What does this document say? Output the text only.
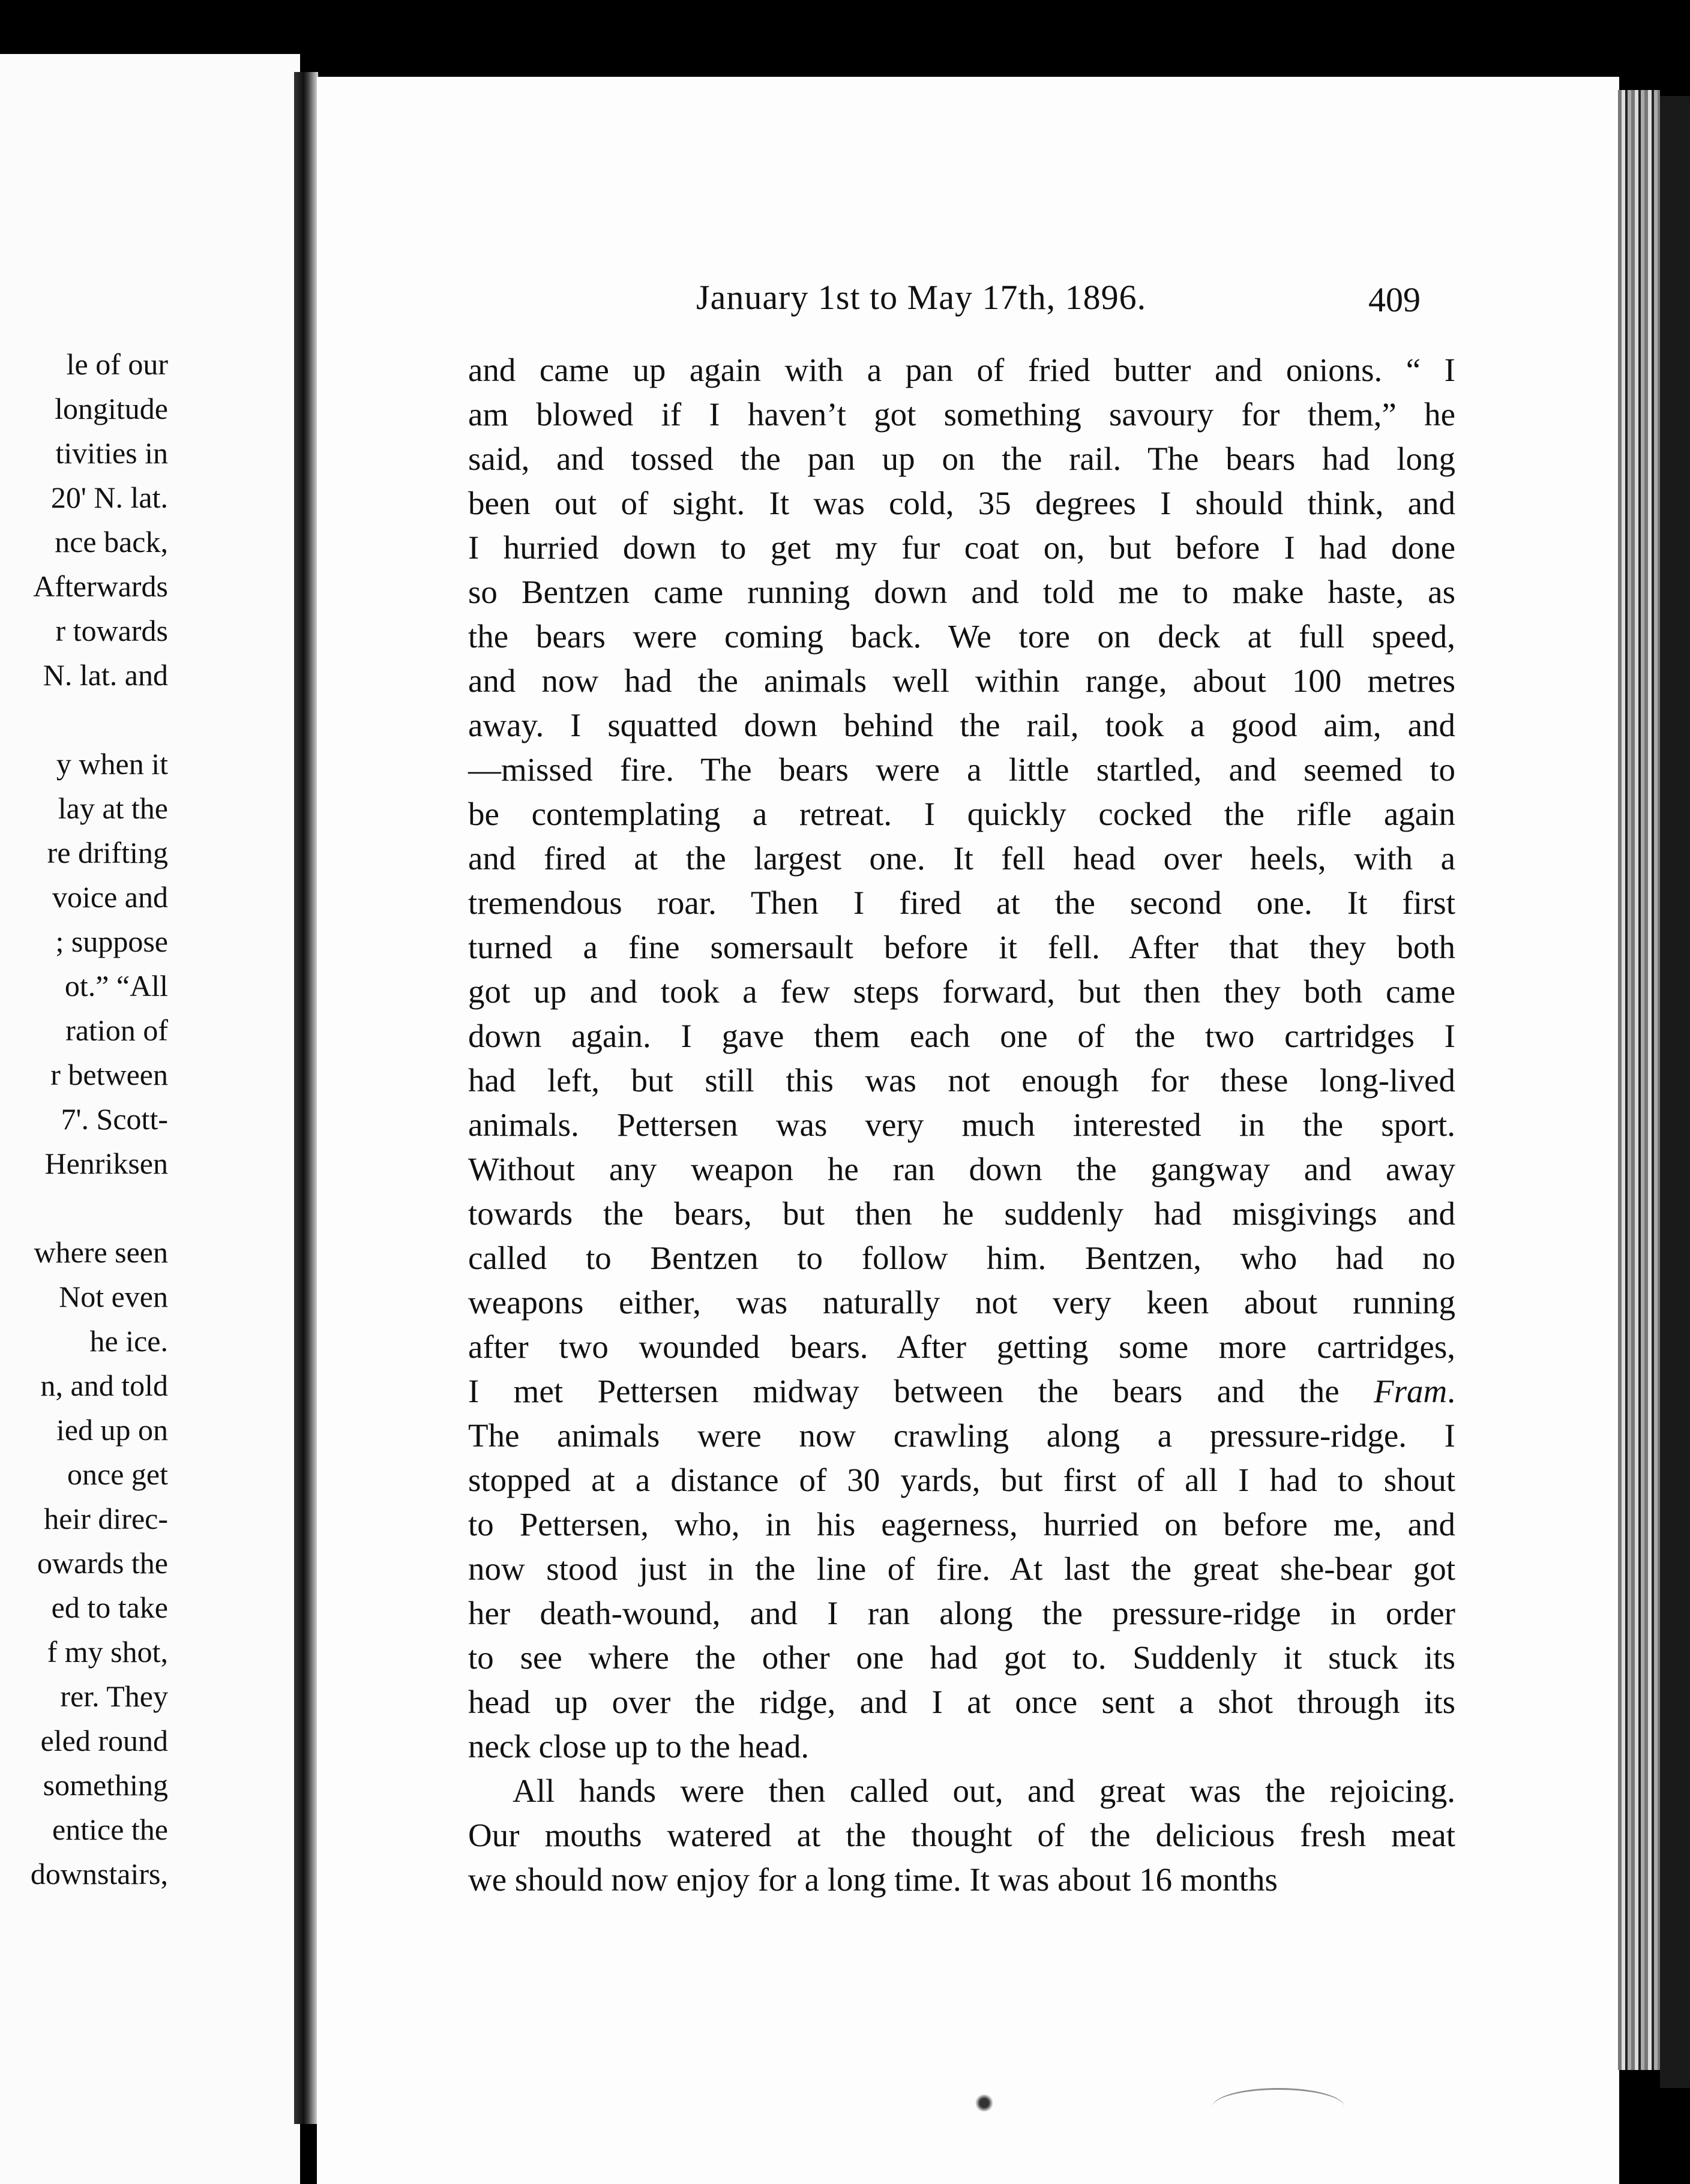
le of our
longitude
tivities in
20' N. lat.
nce back,
Afterwards
r towards
N. lat. and
y when it
lay at the
re drifting
voice and
; suppose
ot.” “All
ration of
r between
7'. Scott-
Henriksen
where seen
Not even
he ice.
n, and told
ied up on
once get
heir direc-
owards the
ed to take
f my shot,
rer. They
eled round
something
entice the
downstairs,
January 1st to May 17th, 1896.	409
and came up again with a pan of fried butter and onions. “ I
am blowed if I haven’t got something savoury for them,” he
said, and tossed the pan up on the rail. The bears had long
been out of sight. It was cold, 35 degrees I should think, and
I hurried down to get my fur coat on, but before I had done
so Bentzen came running down and told me to make haste, as
the bears were coming back. We tore on deck at full speed,
and now had the animals well within range, about 100 metres
away. I squatted down behind the rail, took a good aim, and
—missed fire. The bears were a little startled, and seemed to
be contemplating a retreat. I quickly cocked the rifle again
and fired at the largest one. It fell head over heels, with a
tremendous roar. Then I fired at the second one. It first
turned a fine somersault before it fell. After that they both
got up and took a few steps forward, but then they both came
down again. I gave them each one of the two cartridges I
had left, but still this was not enough for these long-lived
animals. Pettersen was very much interested in the sport.
Without any weapon he ran down the gangway and away
towards the bears, but then he suddenly had misgivings and
called to Bentzen to follow him. Bentzen, who had no
weapons either, was naturally not very keen about running
after two wounded bears. After getting some more cartridges,
I met Pettersen midway between the bears and the Fram.
The animals were now crawling along a pressure-ridge. I
stopped at a distance of 30 yards, but first of all I had to shout
to Pettersen, who, in his eagerness, hurried on before me, and
now stood just in the line of fire. At last the great she-bear got
her death-wound, and I ran along the pressure-ridge in order
to see where the other one had got to. Suddenly it stuck its
head up over the ridge, and I at once sent a shot through its
neck close up to the head.
All hands were then called out, and great was the rejoicing.
Our mouths watered at the thought of the delicious fresh meat
we should now enjoy for a long time. It was about 16 months
